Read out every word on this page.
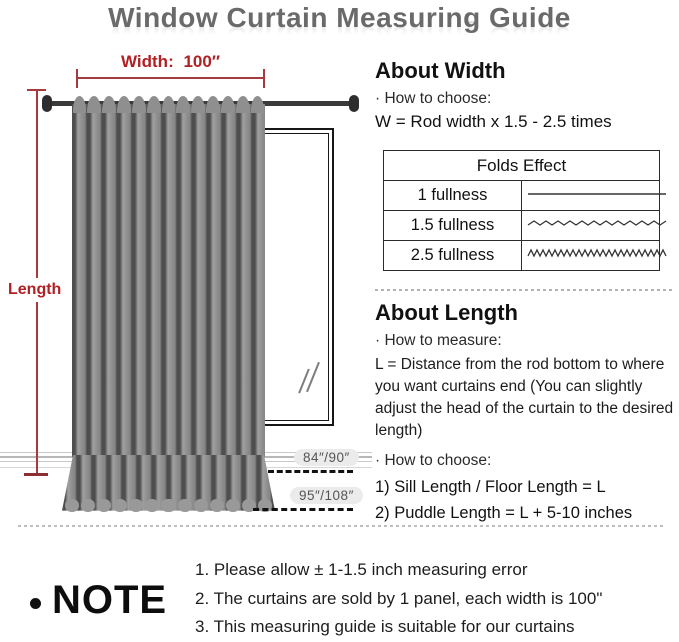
Window Curtain Measuring Guide
Width: 100″
Length
84″/90″
95″/108″
About Width
· How to choose:
W = Rod width x 1.5 - 2.5 times
Folds Effect	
1 fullness	
1.5 fullness	
2.5 fullness	
About Length
· How to measure:
L = Distance from the rod bottom to where you want curtains end (You can slightly adjust the head of the curtain to the desired length)
· How to choose:
1) Sill Length / Floor Length = L
2) Puddle Length = L + 5-10 inches
NOTE
1. Please allow ± 1-1.5 inch measuring error
2. The curtains are sold by 1 panel, each width is 100"
3. This measuring guide is suitable for our curtains
